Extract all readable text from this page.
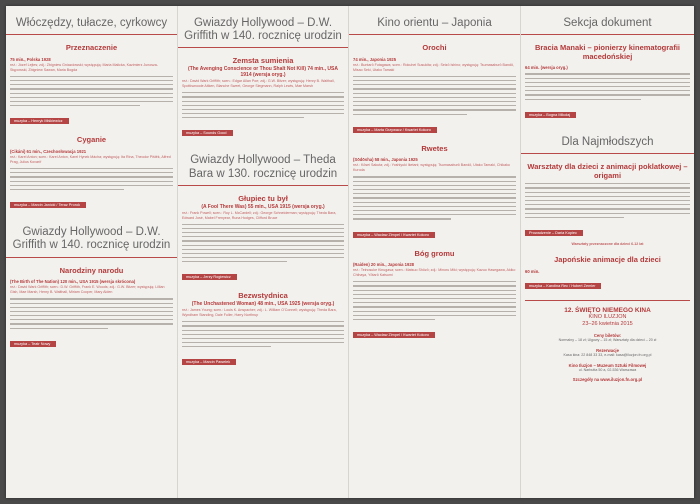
Włóczędzy, tułacze, cyrkowcy
Przeznaczenie
75 min., Polska 1928
reż.: Józef Lejtes; zdj.: Zbigniew Gniazdowski; występują: Maria Malicka, Kazimierz Junosza-Stępowski, Zbigniew Sawan, Maria Bogda
muzyka – Henryk Miśkiewicz
Cyganie
(Cikáni) 61 min., Czechosłowacja 1921
reż.: Karel Anton; scen.: Karel Anton, Karel Hynek Mácha; występują: Ita Rina, Theodor Pištěk, Alfred Prag, Julius Kovaríř
muzyka – Marcin Janicki / Teraz Prorok
Gwiazdy Hollywood – D.W. Griffith w 140. rocznicę urodzin
Narodziny narodu
(The Birth of The Nation) 120 min., USA 1915 (wersja skrócona)
reż.: David Wark Griffith; scen.: D.W. Griffith, Frank E. Woods; zdj.: G.W. Bitzer; występują: Lillian Gish, Mae Marsh, Henry B. Walthall, Miriam Cooper, Mary Alden
muzyka – Teatr Nowy
Gwiazdy Hollywood – D.W. Griffith w 140. rocznicę urodzin
Zemsta sumienia
(The Avenging Conscience or Thou Shalt Not Kill) 74 min., USA 1914 (wersja oryg.)
reż.: David Wark Griffith; scen.: Edgar Allan Poe; zdj.: G.W. Bitzer; występują: Henry B. Walthall, Spottiswoode Aitken, Blanche Sweet, George Siegmann, Ralph Lewis, Mae Marsh
muzyka – Sounds Good
Gwiazdy Hollywood – Theda Bara w 130. rocznicę urodzin
Głupiec tu był
(A Fool There Was) 55 min., USA 1915 (wersja oryg.)
reż.: Frank Powell; scen.: Roy L. McCardell; zdj.: George Schneiderman; występują: Theda Bara, Edward José, Mabel Frenyear, Runa Hodges, Clifford Bruce
muzyka – Jerzy Rogiewicz
Bezwstydnica
(The Unchastened Woman) 48 min., USA 1925 (wersja oryg.)
reż.: James Young; scen.: Louis K. Anspacher; zdj.: L. William O'Connell; występują: Theda Bara, Wyndham Standing, Dale Fuller, Harry Northrup
muzyka – Marcin Pawełek
Kino orientu – Japonia
Orochi
74 min., Japonia 1925
reż.: Buntarō Futagawa; scen.: Rokuhei Susukita; zdj.: Seizō Ishino; występują: Tsumasaburō Bandō, Misao Seki, Utako Tamaki
muzyka – Marta Grzywacz / Kwartet Kokoro
Rwetes
(Sōdōsha) 58 min., Japonia 1925
reż.: Kōsei Sakuta; zdj.: Yoshiyuki Iketani; występują: Tsumasaburō Bandō, Utako Tamaki, Chikako Kuroda
muzyka – Wacław Zimpel / Kwartet Kokoro
Bóg gromu
(Raiden) 20 min., Japonia 1928
reż.: Teinosuke Kinugasa; scen.: Matsuo Shōzō; zdj.: Minoru Miki; występują: Kazuo Hasegawa, Akiko Chihaya, Yōtarō Katsumi
muzyka – Wacław Zimpel / Kwartet Kokoro
Sekcja dokument
Bracia Manaki – pionierzy kinematografii macedońskiej
64 min. (wersja oryg.)
muzyka – Bogna Mikołaj
Dla Najmłodszych
Warsztaty dla dzieci z animacji poklatkowej – origami
Prowadzenie – Daria Kopiec
Warsztaty przeznaczone dla dzieci 6-12 lat
Japońskie animacje dla dzieci
60 min.
muzyka – Karolina Rec / Hubert Zemler
12. ŚWIĘTO NIEMEGO KINA
KINO ILUZJON
23–26 kwietnia 2015
Ceny biletów:
Normalny – 18 zł; Ulgowy – 15 zł; Warsztaty dla dzieci – 20 zł
Rezerwacje
Kasa kina: 22 848 33 33, e-mail: kasa@iluzjon.fn.org.pl
Kino Iluzjon – Muzeum Sztuki Filmowej
ul. Narbutta 50 a, 02-536 Warszawa
Szczegóły na www.iluzjon.fn.org.pl
